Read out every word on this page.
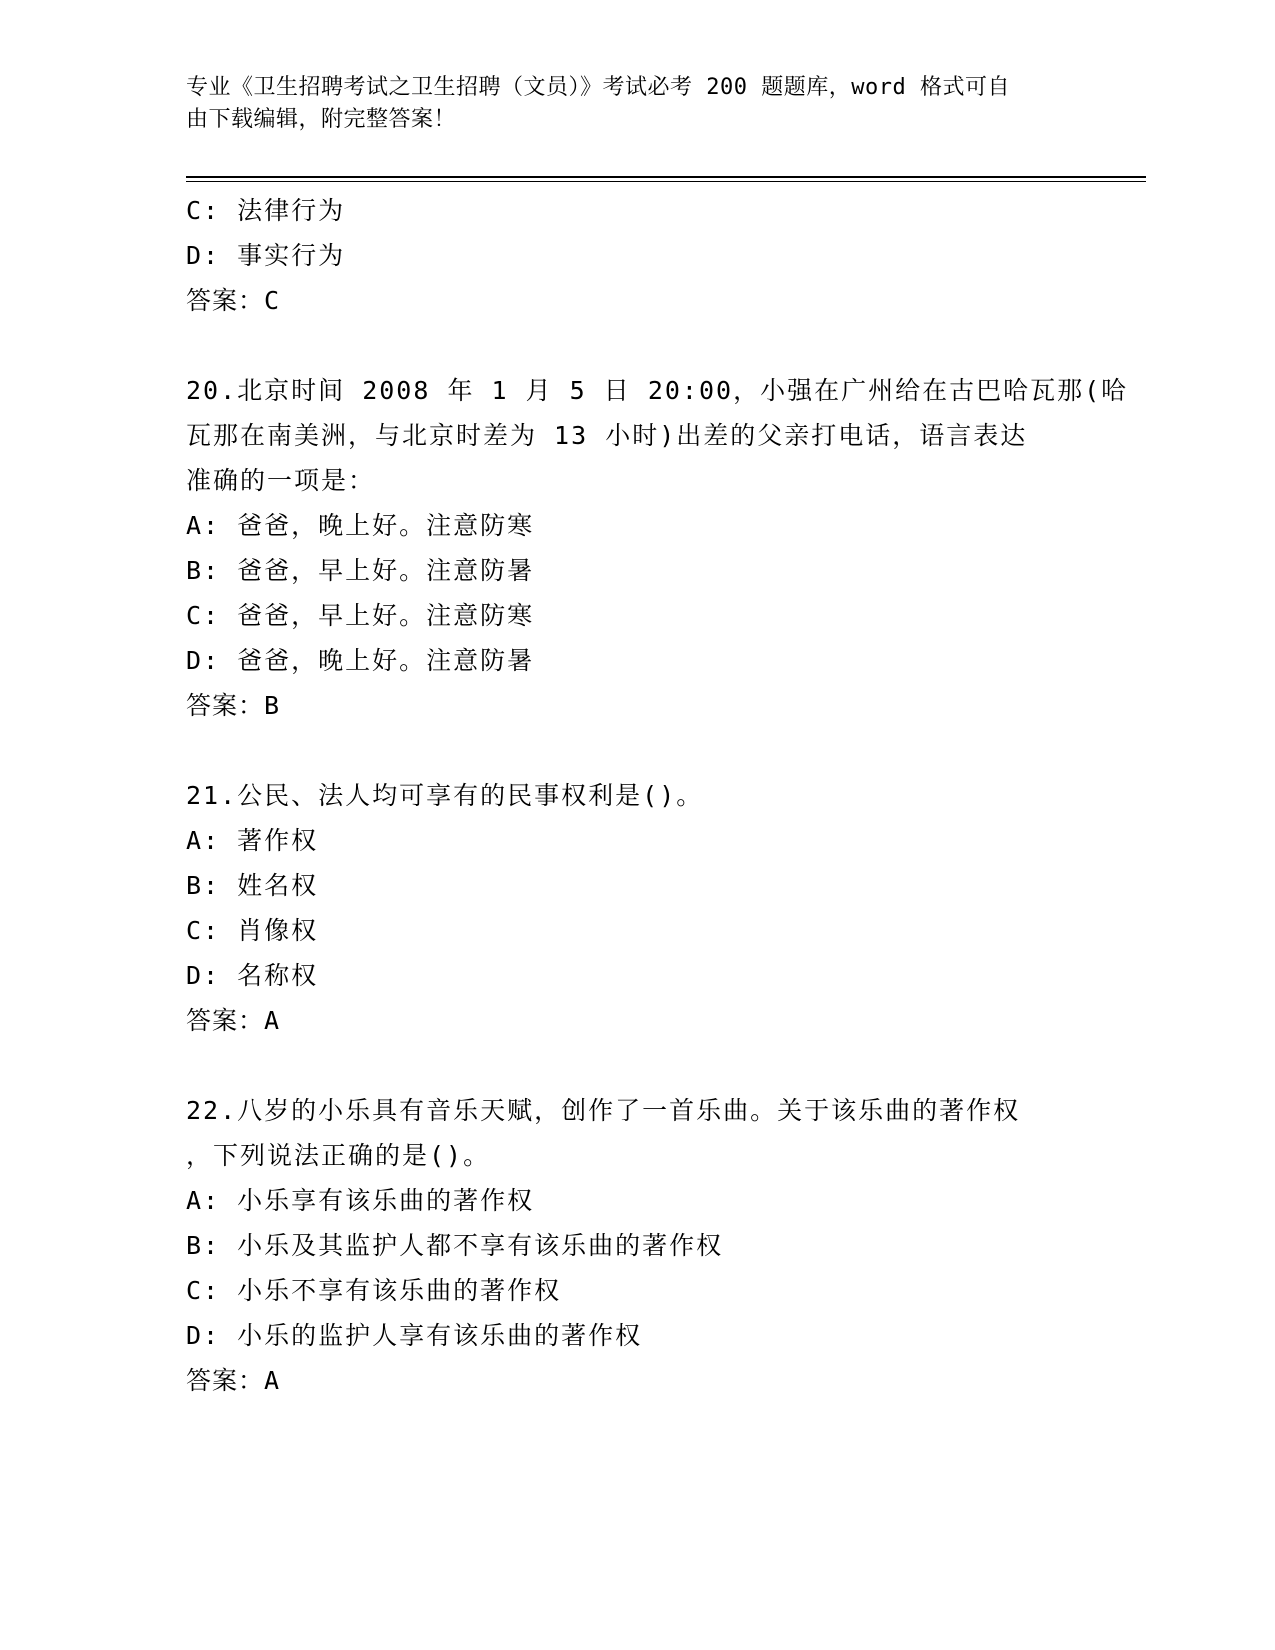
专业《卫生招聘考试之卫生招聘（文员）》考试必考 200 题题库，word 格式可自
由下载编辑，附完整答案！
C: 法律行为
D: 事实行为
答案：C
20.北京时间 2008 年 1 月 5 日 20:00，小强在广州给在古巴哈瓦那(哈
瓦那在南美洲，与北京时差为 13 小时)出差的父亲打电话，语言表达
准确的一项是：
A: 爸爸，晚上好。注意防寒
B: 爸爸，早上好。注意防暑
C: 爸爸，早上好。注意防寒
D: 爸爸，晚上好。注意防暑
答案：B
21.公民、法人均可享有的民事权利是()。
A: 著作权
B: 姓名权
C: 肖像权
D: 名称权
答案：A
22.八岁的小乐具有音乐天赋，创作了一首乐曲。关于该乐曲的著作权
，下列说法正确的是()。
A: 小乐享有该乐曲的著作权
B: 小乐及其监护人都不享有该乐曲的著作权
C: 小乐不享有该乐曲的著作权
D: 小乐的监护人享有该乐曲的著作权
答案：A
